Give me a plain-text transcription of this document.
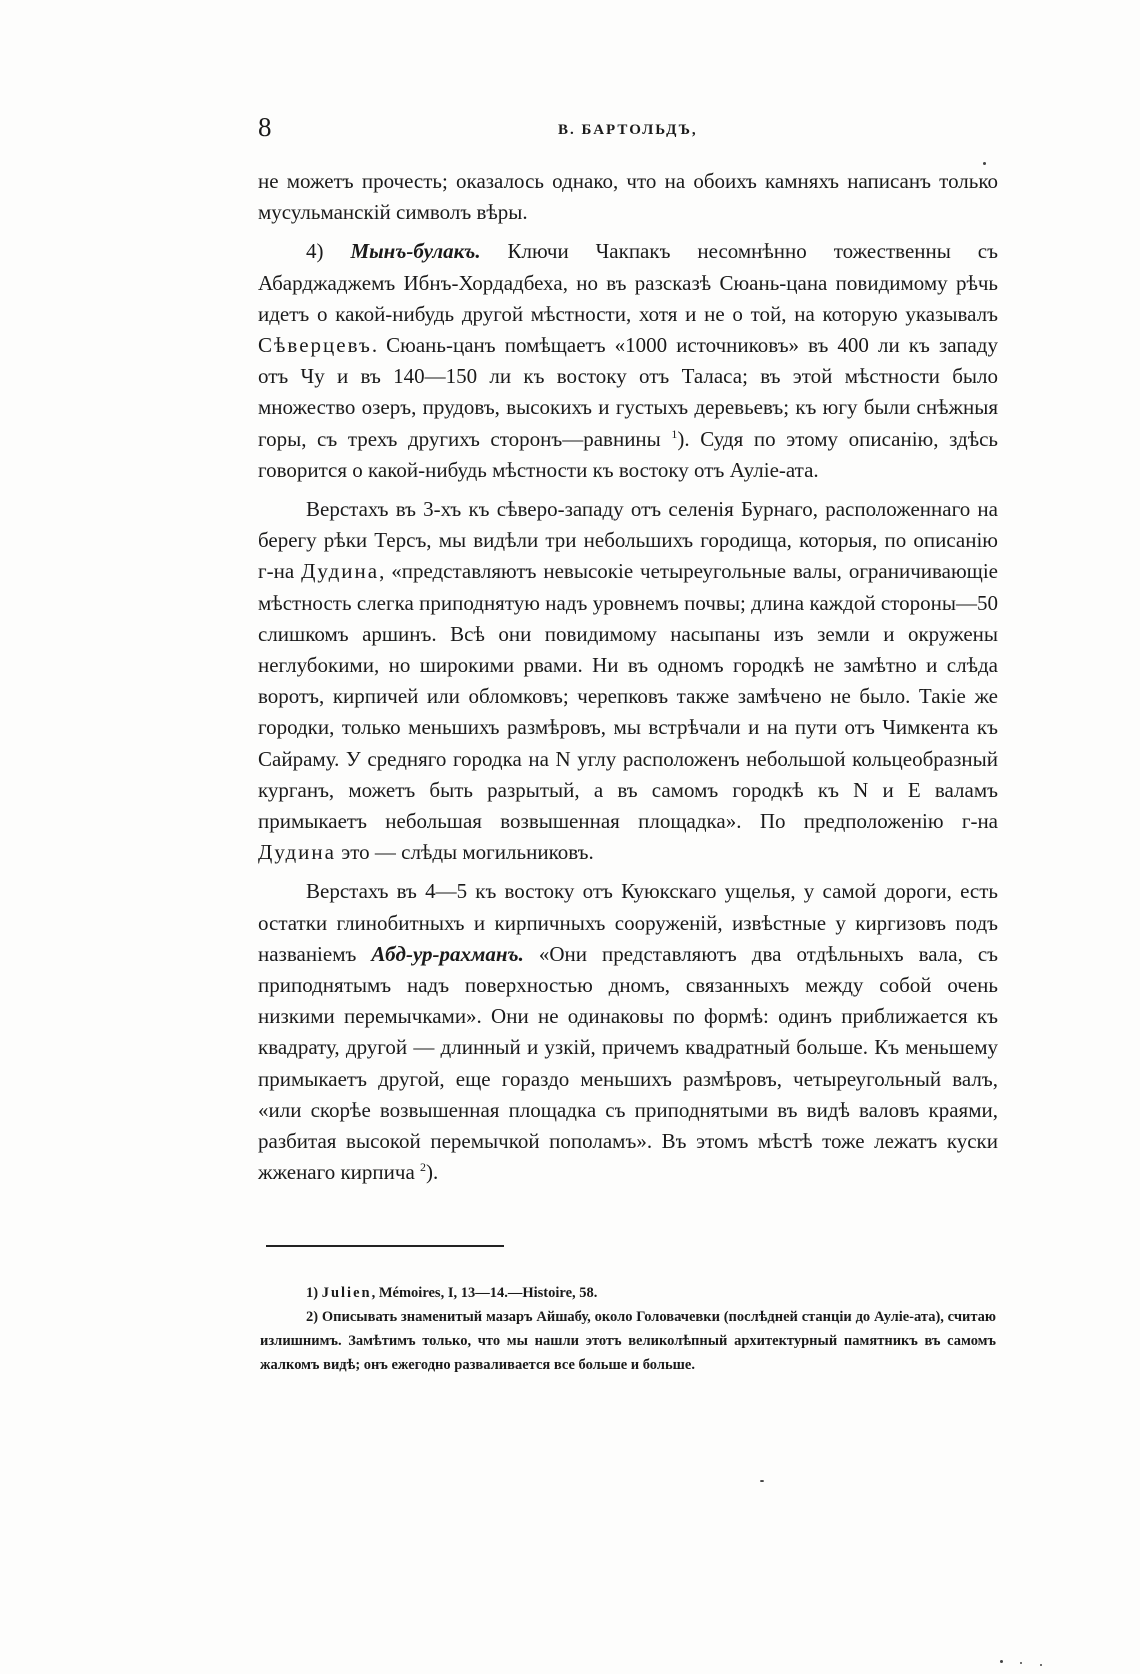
8	В. БАРТОЛЬДЪ,

не можетъ прочесть; оказалось однако, что на обоихъ камняхъ написанъ только мусульманскій символъ вѣры.

4) Мынъ-булакъ. Ключи Чакпакъ несомнѣнно тожественны съ Абарджаджемъ Ибнъ-Хордадбеха, но въ разсказѣ Сюань-цана повидимому рѣчь идетъ о какой-нибудь другой мѣстности, хотя и не о той, на которую указывалъ Сѣверцевъ. Сюань-цанъ помѣщаетъ «1000 источниковъ» въ 400 ли къ западу отъ Чу и въ 140—150 ли къ востоку отъ Таласа; въ этой мѣстности было множество озеръ, прудовъ, высокихъ и густыхъ деревьевъ; къ югу были снѣжныя горы, съ трехъ другихъ сторонъ—равнины $^1$). Судя по этому описанію, здѣсь говорится о какой-нибудь мѣстности къ востоку отъ Ауліе-ата.

Верстахъ въ 3-хъ къ сѣверо-западу отъ селенія Бурнаго, расположеннаго на берегу рѣки Терсъ, мы видѣли три небольшихъ городища, которыя, по описанію г-на Дудина, «представляютъ невысокіе четыреугольные валы, ограничивающіе мѣстность слегка приподнятую надъ уровнемъ почвы; длина каждой стороны—50 слишкомъ аршинъ. Всѣ они повидимому насыпаны изъ земли и окружены неглубокими, но широкими рвами. Ни въ одномъ городкѣ не замѣтно и слѣда воротъ, кирпичей или обломковъ; черепковъ также замѣчено не было. Такіе же городки, только меньшихъ размѣровъ, мы встрѣчали и на пути отъ Чимкента къ Сайраму. У средняго городка на N углу расположенъ небольшой кольцеобразный курганъ, можетъ быть разрытый, а въ самомъ городкѣ къ N и E валамъ примыкаетъ небольшая возвышенная площадка». По предположенію г-на Дудина это — слѣды могильниковъ.

Верстахъ въ 4—5 къ востоку отъ Куюкскаго ущелья, у самой дороги, есть остатки глинобитныхъ и кирпичныхъ сооруженій, извѣстные у киргизовъ подъ названіемъ Абд-ур-рахманъ. «Они представляютъ два отдѣльныхъ вала, съ приподнятымъ надъ поверхностью дномъ, связанныхъ между собой очень низкими перемычками». Они не одинаковы по формѣ: одинъ приближается къ квадрату, другой — длинный и узкій, причемъ квадратный больше. Къ меньшему примыкаетъ другой, еще гораздо меньшихъ размѣровъ, четыреугольный валъ, «или скорѣе возвышенная площадка съ приподнятыми въ видѣ валовъ краями, разбитая высокой перемычкой пополамъ». Въ этомъ мѣстѣ тоже лежатъ куски жженаго кирпича $^2$).

1) Julien, Mémoires, I, 13—14.—Histoire, 58.

2) Описывать знаменитый мазаръ Айшабу, около Головачевки (послѣдней станціи до Ауліе-ата), считаю излишнимъ. Замѣтимъ только, что мы нашли этотъ великолѣпный архитектурный памятникъ въ самомъ жалкомъ видѣ; онъ ежегодно разваливается все больше и больше.
